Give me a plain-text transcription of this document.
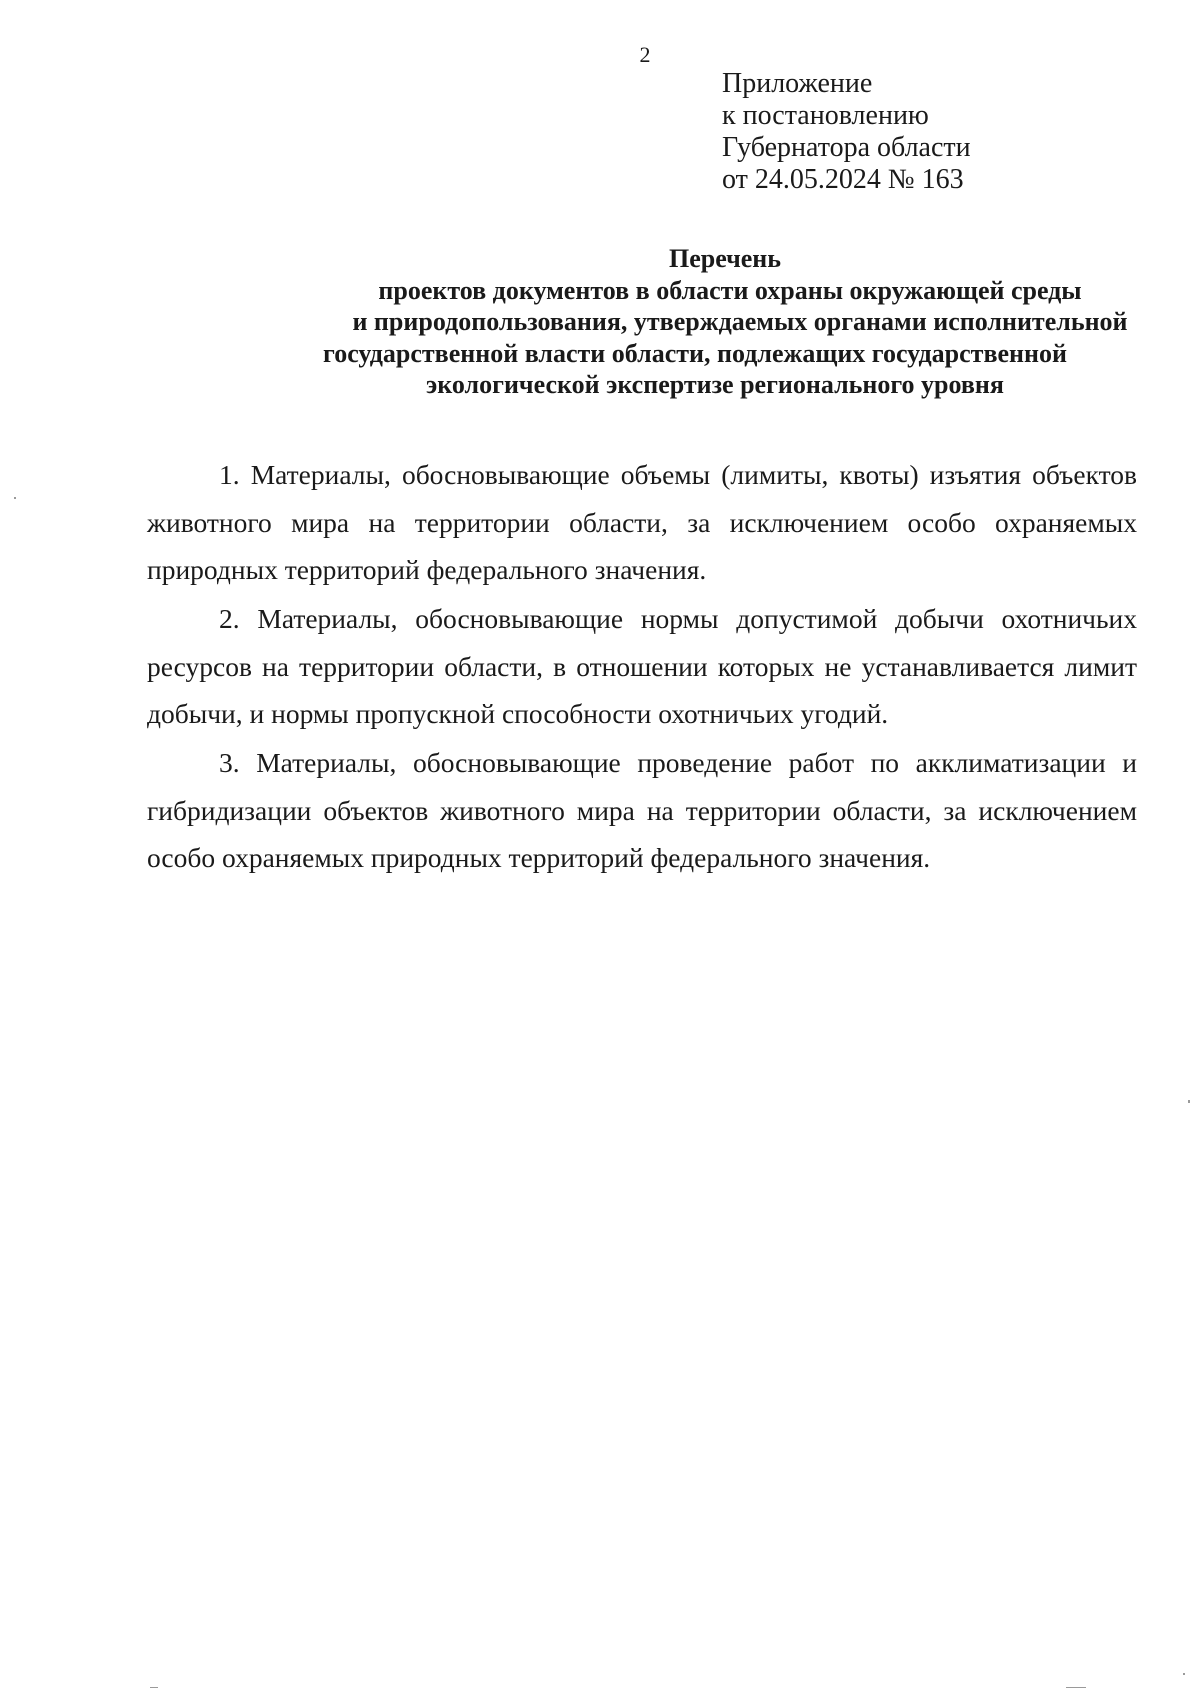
2
Приложение
к постановлению
Губернатора области
от 24.05.2024 № 163
Перечень
проектов документов в области охраны окружающей среды
и природопользования, утверждаемых органами исполнительной
государственной власти области, подлежащих государственной
экологической экспертизе регионального уровня

1. Материалы, обосновывающие объемы (лимиты, квоты) изъятия объектов животного мира на территории области, за исключением особо охраняемых природных территорий федерального значения.

2. Материалы, обосновывающие нормы допустимой добычи охотничьих ресурсов на территории области, в отношении которых не устанавливается лимит добычи, и нормы пропускной способности охотничьих угодий.

3. Материалы, обосновывающие проведение работ по акклиматизации и гибридизации объектов животного мира на территории области, за исключением особо охраняемых природных территорий федерального значения.
